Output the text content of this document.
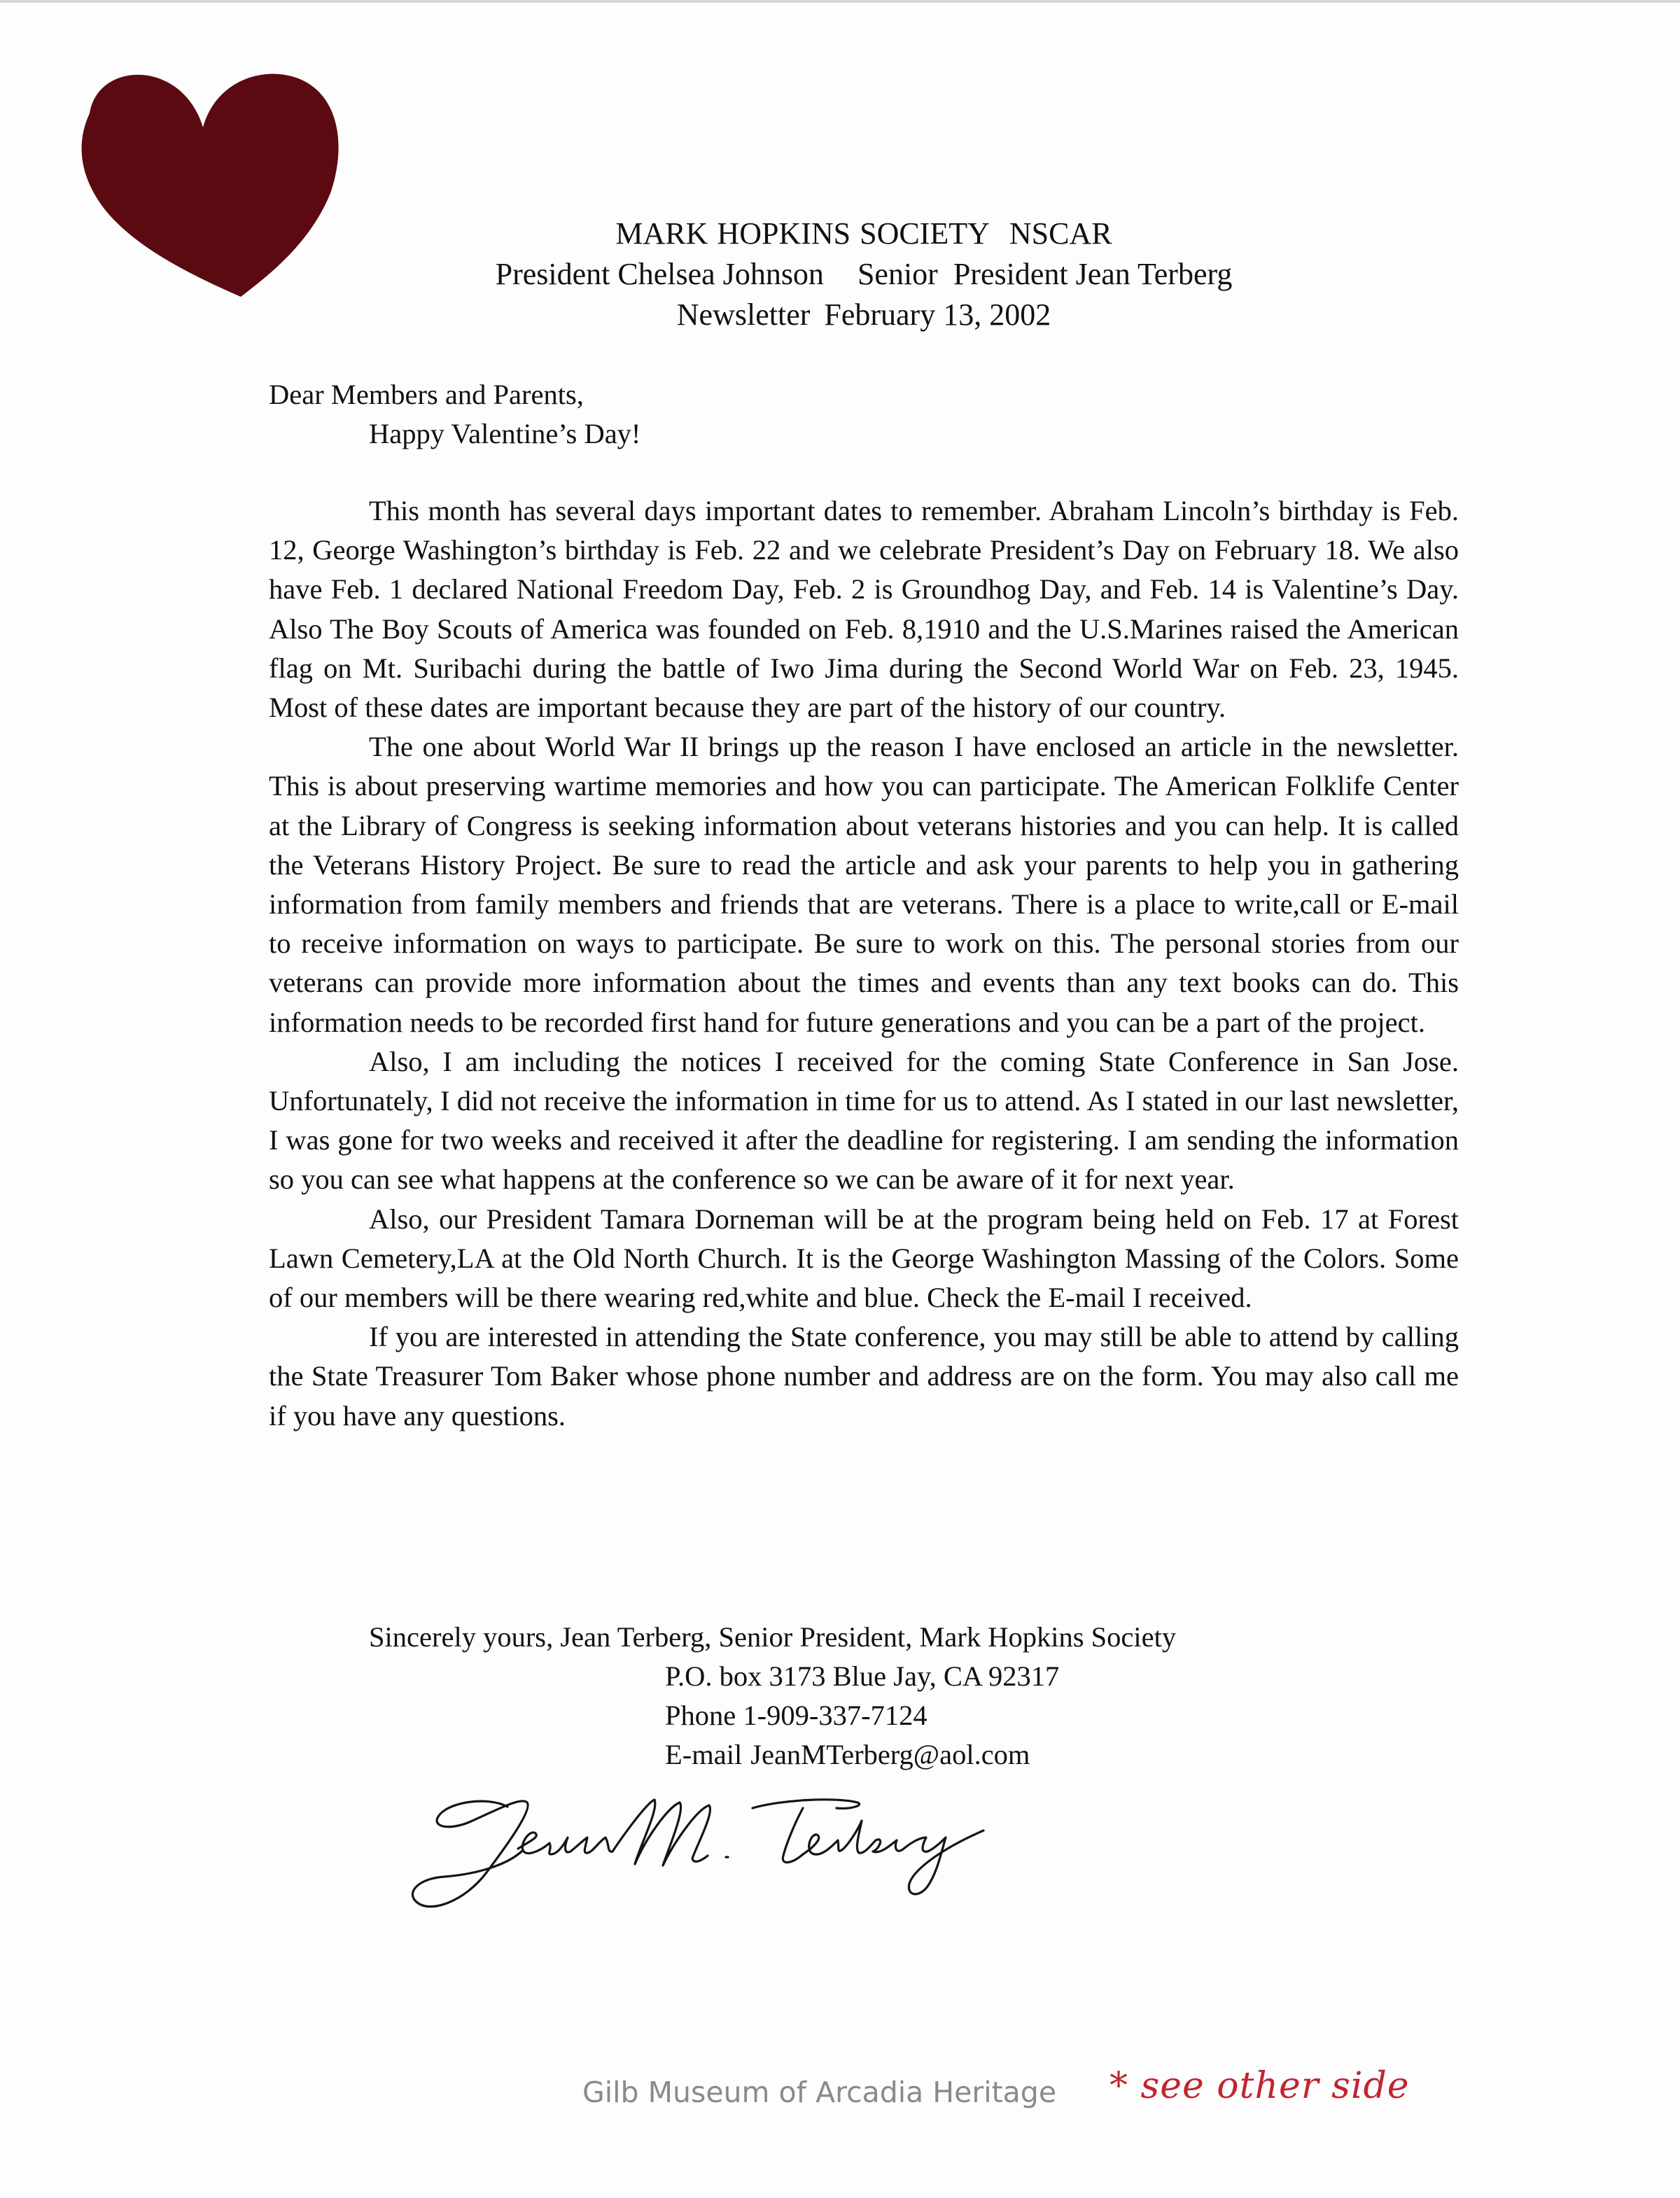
MARK HOPKINS SOCIETY NSCAR
President Chelsea Johnson Senior  President Jean Terberg
Newsletter February 13, 2002
Dear Members and Parents,
Happy Valentine’s Day!

This month has several days important dates to remember. Abraham Lincoln’s birthday is Feb. 12, George Washington’s birthday is Feb. 22 and we celebrate President’s Day on February 18. We also have Feb. 1 declared National Freedom Day, Feb. 2 is Groundhog Day, and Feb. 14 is Valentine’s Day. Also The Boy Scouts of America was founded on Feb. 8,1910 and the U.S.Marines raised the American flag on Mt. Suribachi during the battle of Iwo Jima during the Second World War on Feb. 23, 1945. Most of these dates are important because they are part of the history of our country.

The one about World War II brings up the reason I have enclosed an article in the newsletter. This is about preserving wartime memories and how you can participate. The American Folklife Center at the Library of Congress is seeking information about veterans histories and you can help. It is called the Veterans History Project. Be sure to read the article and ask your parents to help you in gathering information from family members and friends that are veterans. There is a place to write,call or E-mail to receive information on ways to participate. Be sure to work on this. The personal stories from our veterans can provide more information about the times and events than any text books can do. This information needs to be recorded first hand for future generations and you can be a part of the project.

Also, I am including the notices I received for the coming State Conference in San Jose. Unfortunately, I did not receive the information in time for us to attend. As I stated in our last newsletter, I was gone for two weeks and received it after the deadline for registering. I am sending the information so you can see what happens at the conference so we can be aware of it for next year.

Also, our President Tamara Dorneman will be at the program being held on Feb. 17 at Forest Lawn Cemetery,LA at the Old North Church. It is the George Washington Massing of the Colors. Some of our members will be there wearing red,white and blue. Check the E-mail I received.

If you are interested in attending the State conference, you may still be able to attend by calling the State Treasurer Tom Baker whose phone number and address are on the form. You may also call me if you have any questions.

Sincerely yours, Jean Terberg, Senior President, Mark Hopkins Society
P.O. box 3173 Blue Jay, CA 92317
Phone 1-909-337-7124
E-mail JeanMTerberg@aol.com
Gilb Museum of Arcadia Heritage * see other side
